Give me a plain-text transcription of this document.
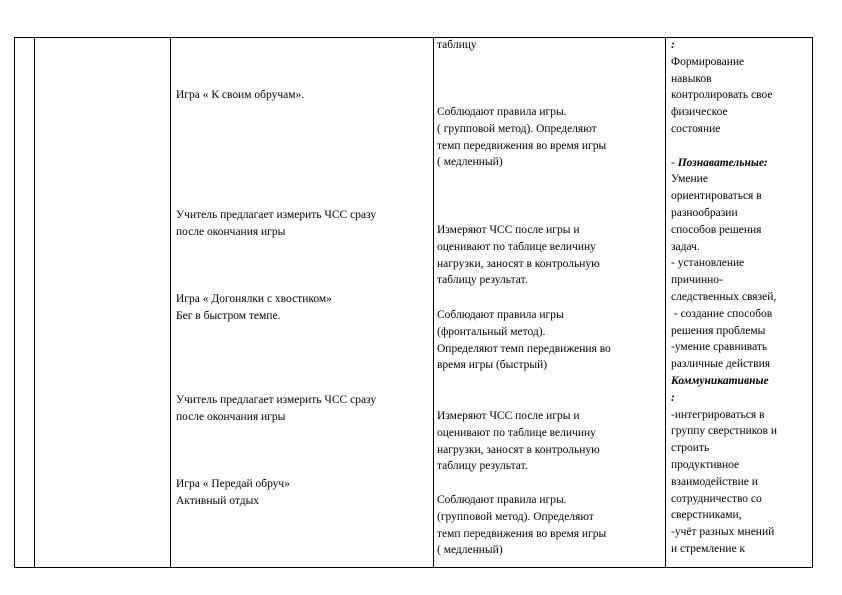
Игра « К своим обручам».
Учитель предлагает измерить ЧСС сразу
после окончания игры
Игра « Догонялки с хвостиком»
Бег в быстром темпе.
Учитель предлагает измерить ЧСС сразу
после окончания игры
Игра « Передай обруч»
Активный отдых
таблицу
Соблюдают правила игры.
( групповой метод). Определяют
темп передвижения во время игры
( медленный)
Измеряют ЧСС после игры и
оценивают по таблице величину
нагрузки, заносят в контрольную
таблицу результат.
Соблюдают правила игры
(фронтальный метод).
Определяют темп передвижения во
время игры (быстрый)
Измеряют ЧСС после игры и
оценивают по таблице величину
нагрузки, заносят в контрольную
таблицу результат.
Соблюдают правила игры.
(групповой метод). Определяют
темп передвижения во время игры
( медленный)
:
Формирование
навыков
контролировать свое
физическое
состояние

- Познавательные:
Умение
ориентироваться в
разнообразии
способов решения
задач.
- установление
причинно-
следственных связей,
- создание способов
решения проблемы
-умение сравнивать
различные действия
Коммуникативные
:
-интегрироваться в
группу сверстников и
строить
продуктивное
взаимодействие и
сотрудничество со
сверстниками,
-учёт разных мнений
и стремление к
